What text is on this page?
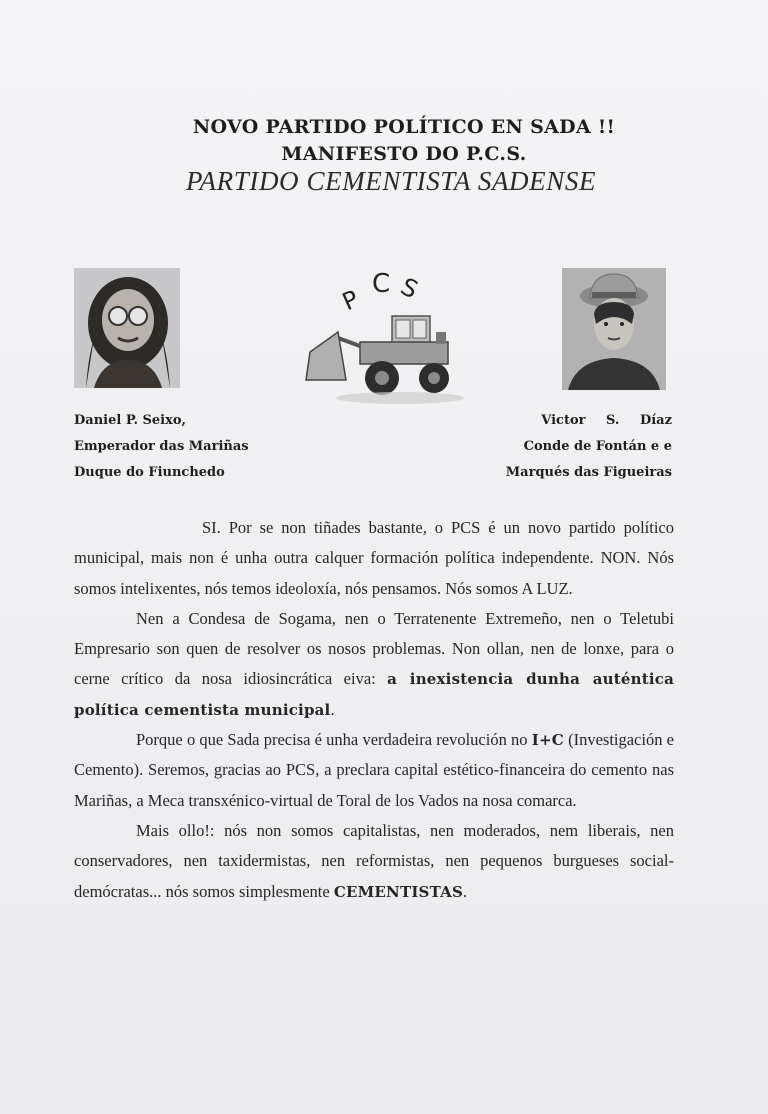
NOVO PARTIDO POLÍTICO EN SADA !!
MANIFESTO DO P.C.S.
PARTIDO CEMENTISTA SADENSE
P
C S
Daniel P. Seixo,
Emperador das Mariñas
Duque do Fiunchedo
Victor S. Díaz
Conde de Fontán e e
Marqués das Figueiras

SI. Por se non tiñades bastante, o PCS é un novo partido político municipal, mais non é unha outra calquer formación política independente. NON. Nós somos intelixentes, nós temos ideoloxía, nós pensamos. Nós somos A LUZ.

Nen a Condesa de Sogama, nen o Terratenente Extremeño, nen o Teletubi Empresario son quen de resolver os nosos problemas. Non ollan, nen de lonxe, para o cerne crítico da nosa idiosincrática eiva: a inexistencia dunha auténtica política cementista municipal.

Porque o que Sada precisa é unha verdadeira revolución no I+C (Investigación e Cemento). Seremos, gracias ao PCS, a preclara capital estético-financeira do cemento nas Mariñas, a Meca transxénico-virtual de Toral de los Vados na nosa comarca.

Mais ollo!: nós non somos capitalistas, nen moderados, nem liberais, nen conservadores, nen taxidermistas, nen reformistas, nen pequenos burgueses social-demócratas... nós somos simplesmente CEMENTISTAS.
